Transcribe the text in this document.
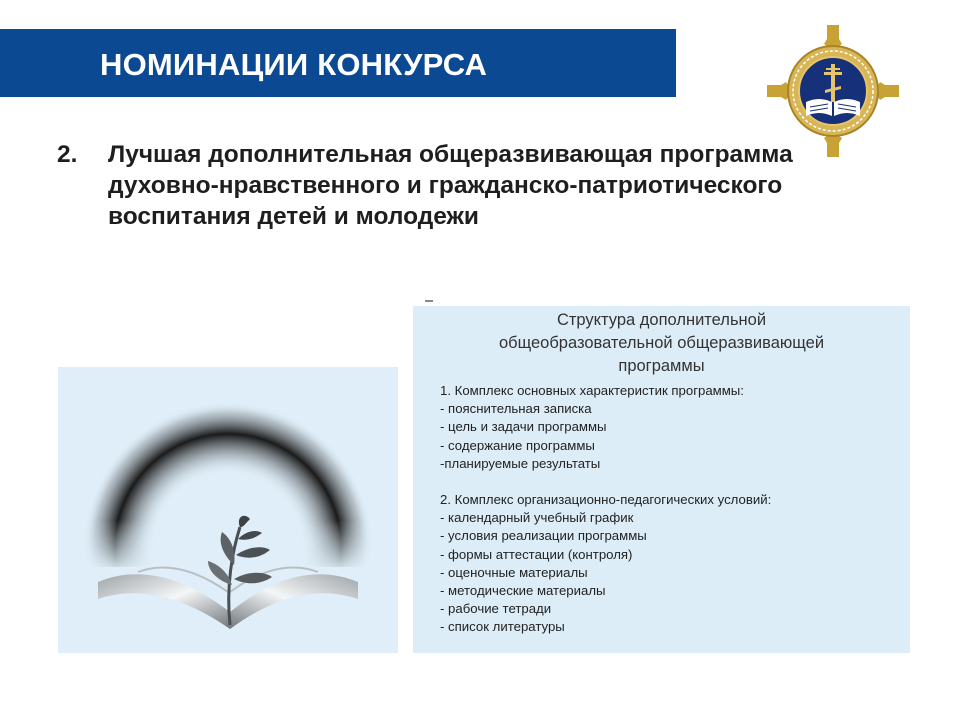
НОМИНАЦИИ КОНКУРСА
2. Лучшая дополнительная общеразвивающая программа духовно-нравственного и гражданско-патриотического воспитания детей и молодежи
Структура дополнительной
общеобразовательной общеразвивающей
программы
1. Комплекс основных характеристик программы:
- пояснительная записка
- цель и задачи программы
- содержание программы
-планируемые результаты
2. Комплекс организационно-педагогических условий:
- календарный учебный график
- условия реализации программы
- формы аттестации (контроля)
- оценочные материалы
- методические материалы
- рабочие тетради
- список литературы
